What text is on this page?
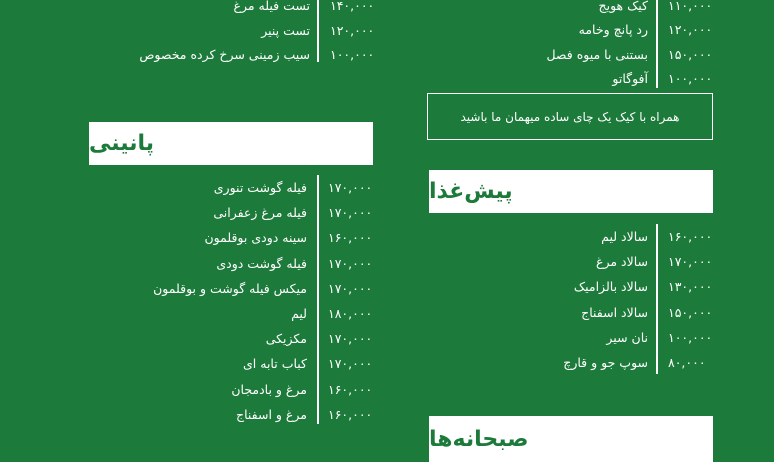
۱۴۰,۰۰۰
تست فیله مرغ
۱۲۰,۰۰۰
تست پنیر
۱۰۰,۰۰۰
سیب زمینی سرخ کرده مخصوص
۱۱۰,۰۰۰
کیک هویج
۱۲۰,۰۰۰
رد پانچ وخامه
۱۵۰,۰۰۰
بستنی با میوه فصل
۱۰۰,۰۰۰
آفوگاتو
همراه با کیک یک چای ساده میهمان ما باشید
پانینی
۱۷۰,۰۰۰
فیله گوشت تنوری
۱۷۰,۰۰۰
فیله مرغ زعفرانی
۱۶۰,۰۰۰
سینه دودی بوقلمون
۱۷۰,۰۰۰
فیله گوشت دودی
۱۷۰,۰۰۰
میکس فیله گوشت و بوقلمون
۱۸۰,۰۰۰
لیم
۱۷۰,۰۰۰
مکزیکی
۱۷۰,۰۰۰
کباب تابه ای
۱۶۰,۰۰۰
مرغ و بادمجان
۱۶۰,۰۰۰
مرغ و اسفناج
پیش‌غذا
۱۶۰,۰۰۰
سالاد لیم
۱۷۰,۰۰۰
سالاد مرغ
۱۳۰,۰۰۰
سالاد بالزامیک
۱۵۰,۰۰۰
سالاد اسفناج
۱۰۰,۰۰۰
نان سیر
۸۰,۰۰۰
سوپ جو و قارچ
صبحانه‌ها
